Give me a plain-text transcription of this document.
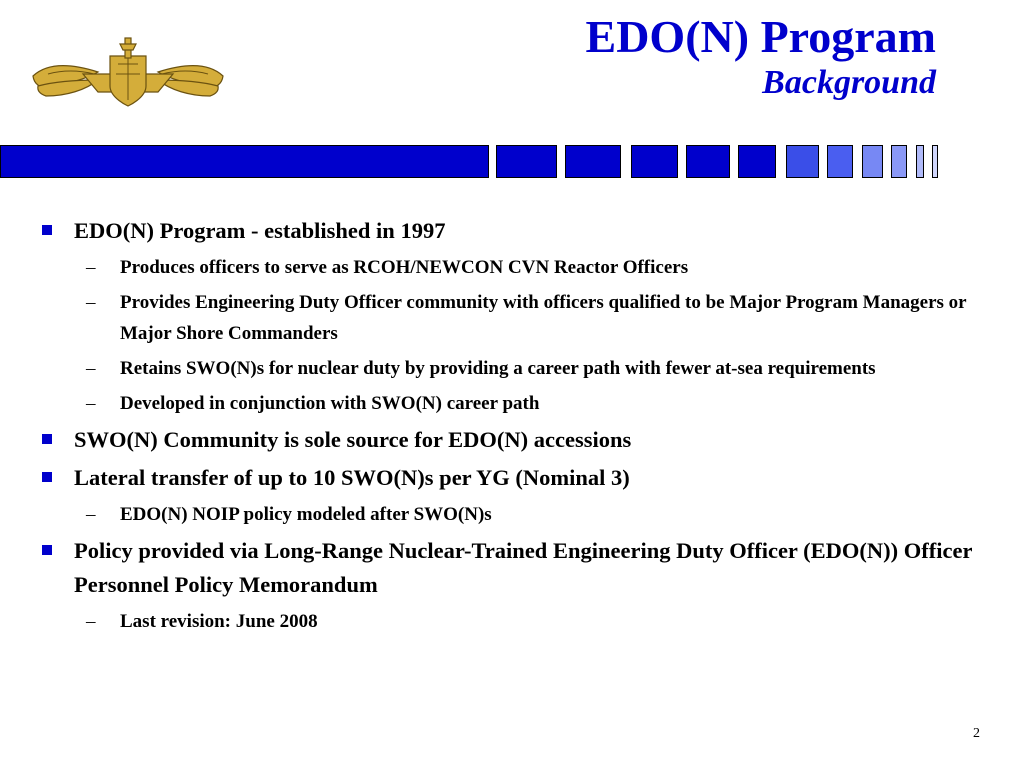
EDO(N) Program
Background
EDO(N) Program - established in 1997
– Produces officers to serve as RCOH/NEWCON CVN Reactor Officers
– Provides Engineering Duty Officer community with officers qualified to be Major Program Managers or Major Shore Commanders
– Retains SWO(N)s for nuclear duty by providing a career path with fewer at-sea requirements
– Developed in conjunction with SWO(N) career path
SWO(N) Community is sole source for EDO(N) accessions
Lateral transfer of up to 10 SWO(N)s per YG (Nominal 3)
– EDO(N) NOIP policy modeled after SWO(N)s
Policy provided via Long-Range Nuclear-Trained Engineering Duty Officer (EDO(N)) Officer Personnel Policy Memorandum
– Last revision: June 2008
2
